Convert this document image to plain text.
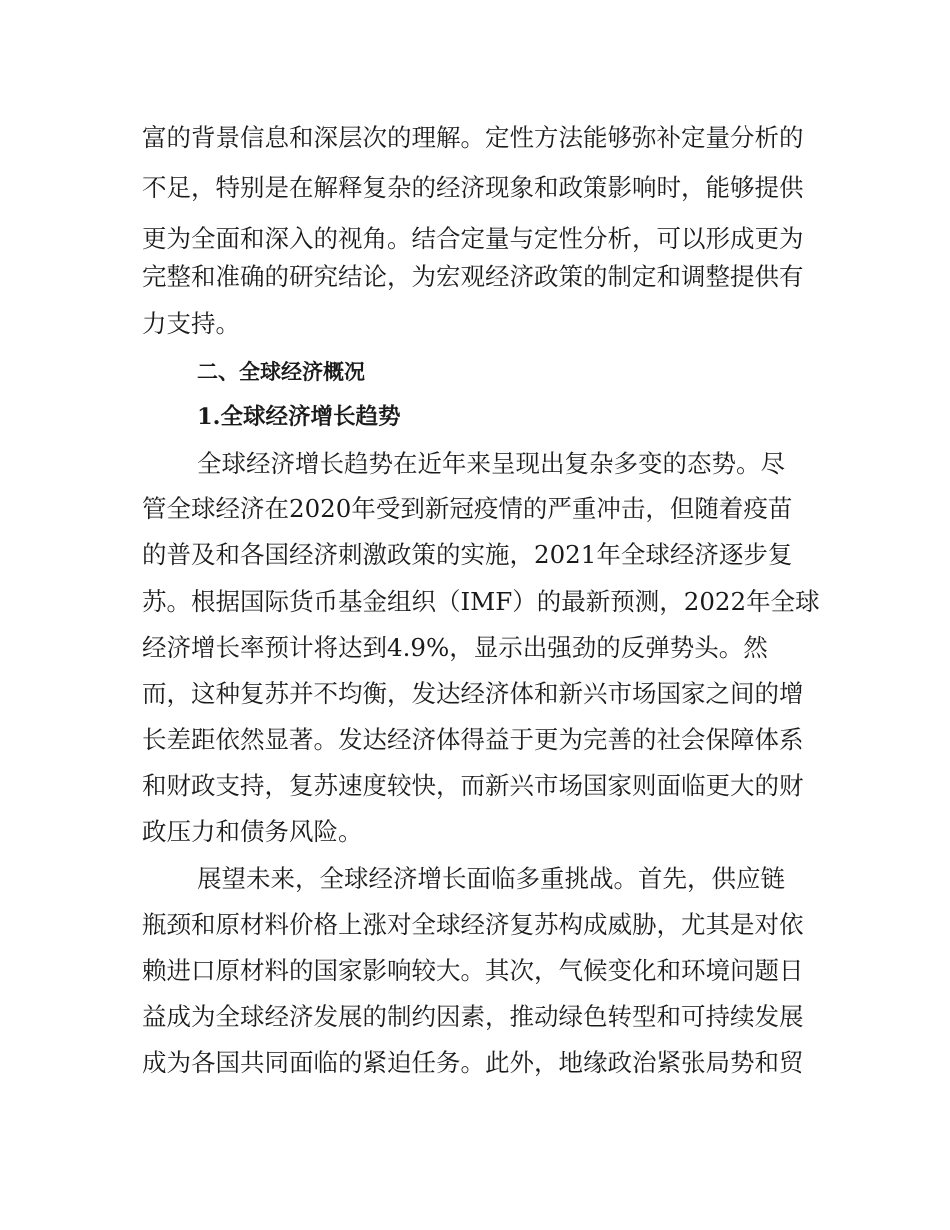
富的背景信息和深层次的理解。定性方法能够弥补定量分析的
不足，特别是在解释复杂的经济现象和政策影响时，能够提供
更为全面和深入的视角。结合定量与定性分析，可以形成更为
完整和准确的研究结论，为宏观经济政策的制定和调整提供有
力支持。
二、全球经济概况
1.全球经济增长趋势
全球经济增长趋势在近年来呈现出复杂多变的态势。尽
管全球经济在2020年受到新冠疫情的严重冲击，但随着疫苗
的普及和各国经济刺激政策的实施，2021年全球经济逐步复
苏。根据国际货币基金组织（IMF）的最新预测，2022年全球
经济增长率预计将达到4.9%，显示出强劲的反弹势头。然
而，这种复苏并不均衡，发达经济体和新兴市场国家之间的增
长差距依然显著。发达经济体得益于更为完善的社会保障体系
和财政支持，复苏速度较快，而新兴市场国家则面临更大的财
政压力和债务风险。
展望未来，全球经济增长面临多重挑战。首先，供应链
瓶颈和原材料价格上涨对全球经济复苏构成威胁，尤其是对依
赖进口原材料的国家影响较大。其次，气候变化和环境问题日
益成为全球经济发展的制约因素，推动绿色转型和可持续发展
成为各国共同面临的紧迫任务。此外，地缘政治紧张局势和贸
